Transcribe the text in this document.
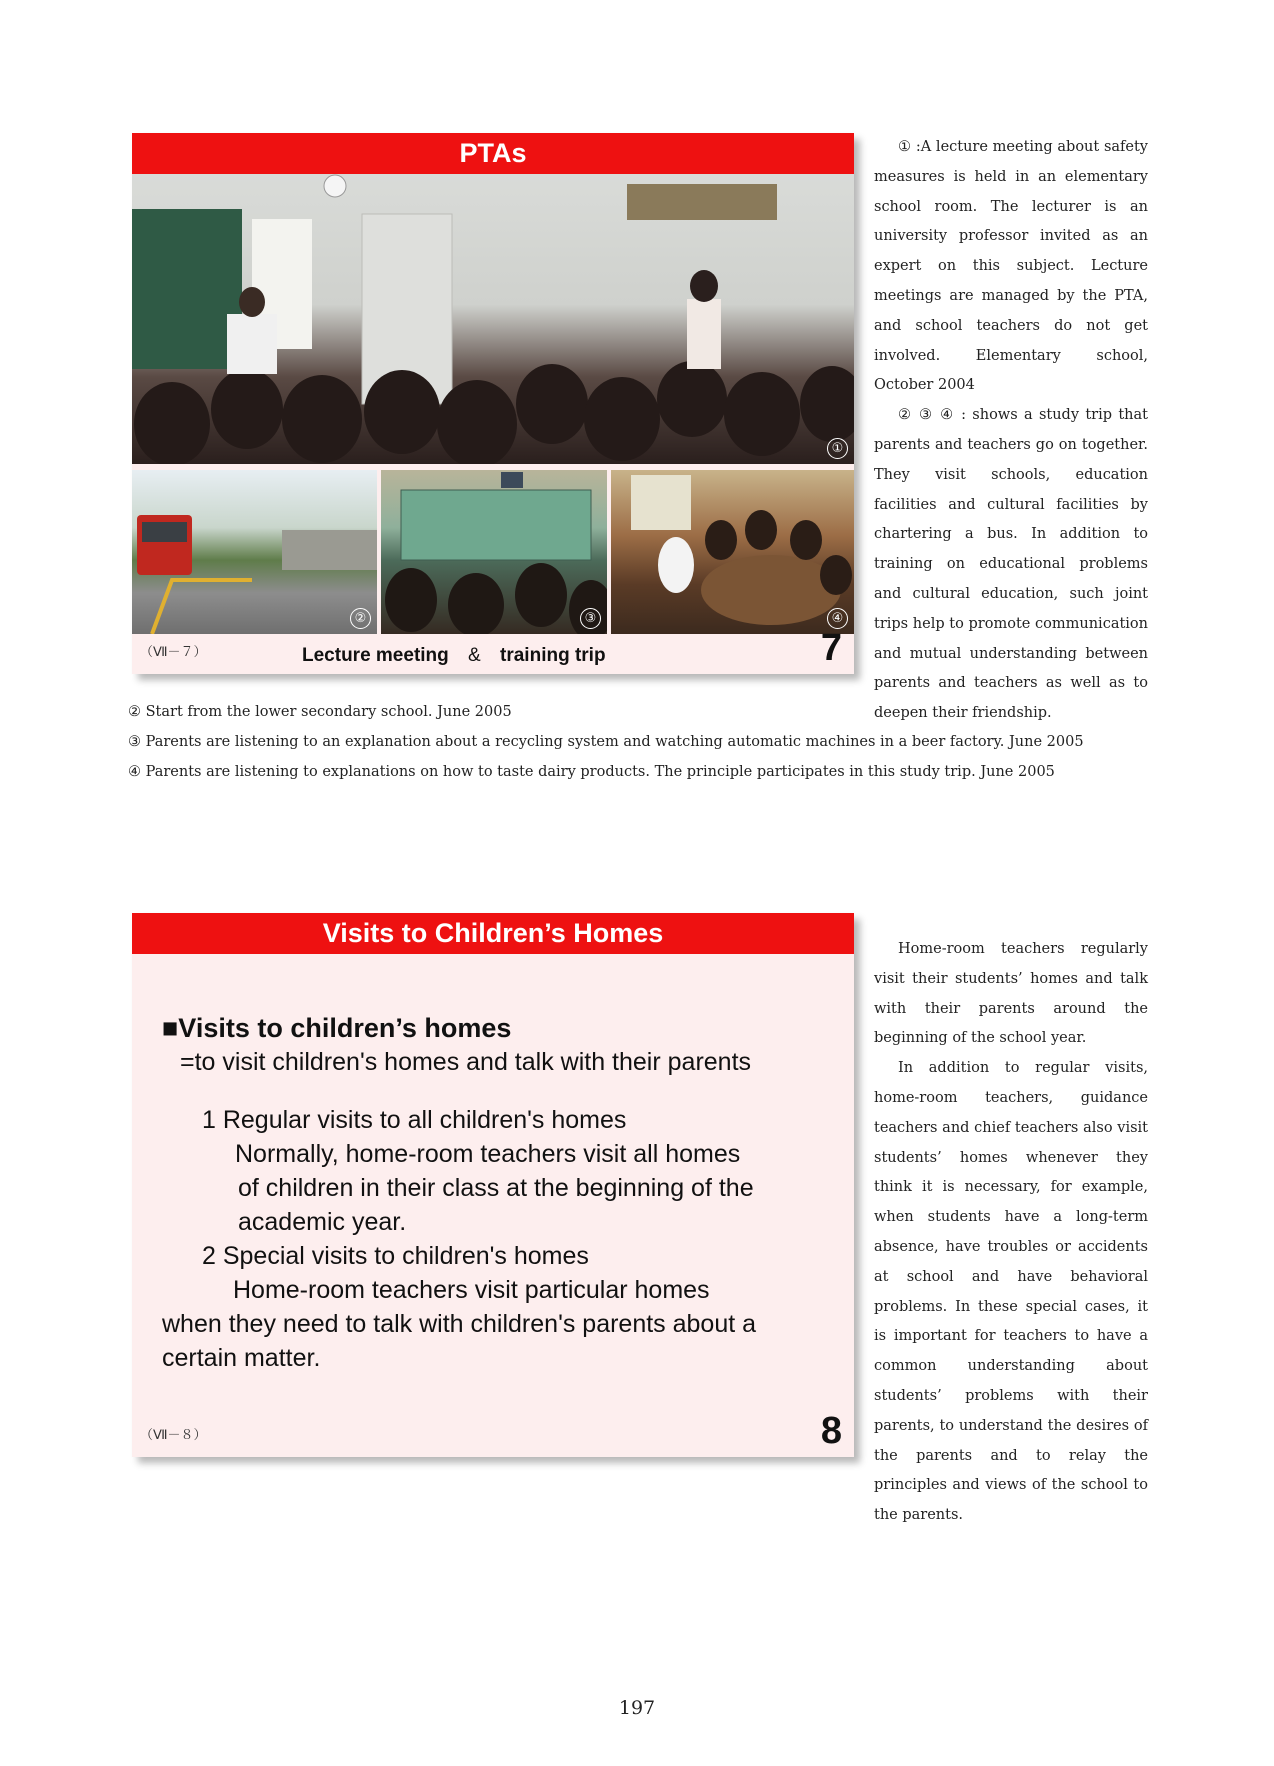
PTAs
①
②	③	④
（Ⅶ－７）	Lecture meeting & training trip	7

① :A lecture meeting about safety measures is held in an elementary school room. The lecturer is an university professor invited as an expert on this subject. Lecture meetings are managed by the PTA, and school teachers do not get involved. Elementary school, October 2004

② ③ ④ : shows a study trip that parents and teachers go on together. They visit schools, education facilities and cultural facilities by chartering a bus. In addition to training on educational problems and cultural education, such joint trips help to promote communication and mutual understanding between parents and teachers as well as to deepen their friendship.

② Start from the lower secondary school. June 2005
③ Parents are listening to an explanation about a recycling system and watching automatic machines in a beer factory. June 2005
④ Parents are listening to explanations on how to taste dairy products. The principle participates in this study trip. June 2005
Visits to Children’s Homes
■Visits to children’s homes
=to visit children's homes and talk with their parents
1 Regular visits to all children's homes
Normally, home-room teachers visit all homes
of children in their class at the beginning of the
academic year.
2 Special visits to children's homes
Home-room teachers visit particular homes
when they need to talk with children's parents about a
certain matter.
（Ⅶ－８）	8

Home-room teachers regularly visit their students’ homes and talk with their parents around the beginning of the school year.

In addition to regular visits, home-room teachers, guidance teachers and chief teachers also visit students’ homes whenever they think it is necessary, for example, when students have a long-term absence, have troubles or accidents at school and have behavioral problems. In these special cases, it is important for teachers to have a common understanding about students’ problems with their parents, to understand the desires of the parents and to relay the principles and views of the school to the parents.

197
